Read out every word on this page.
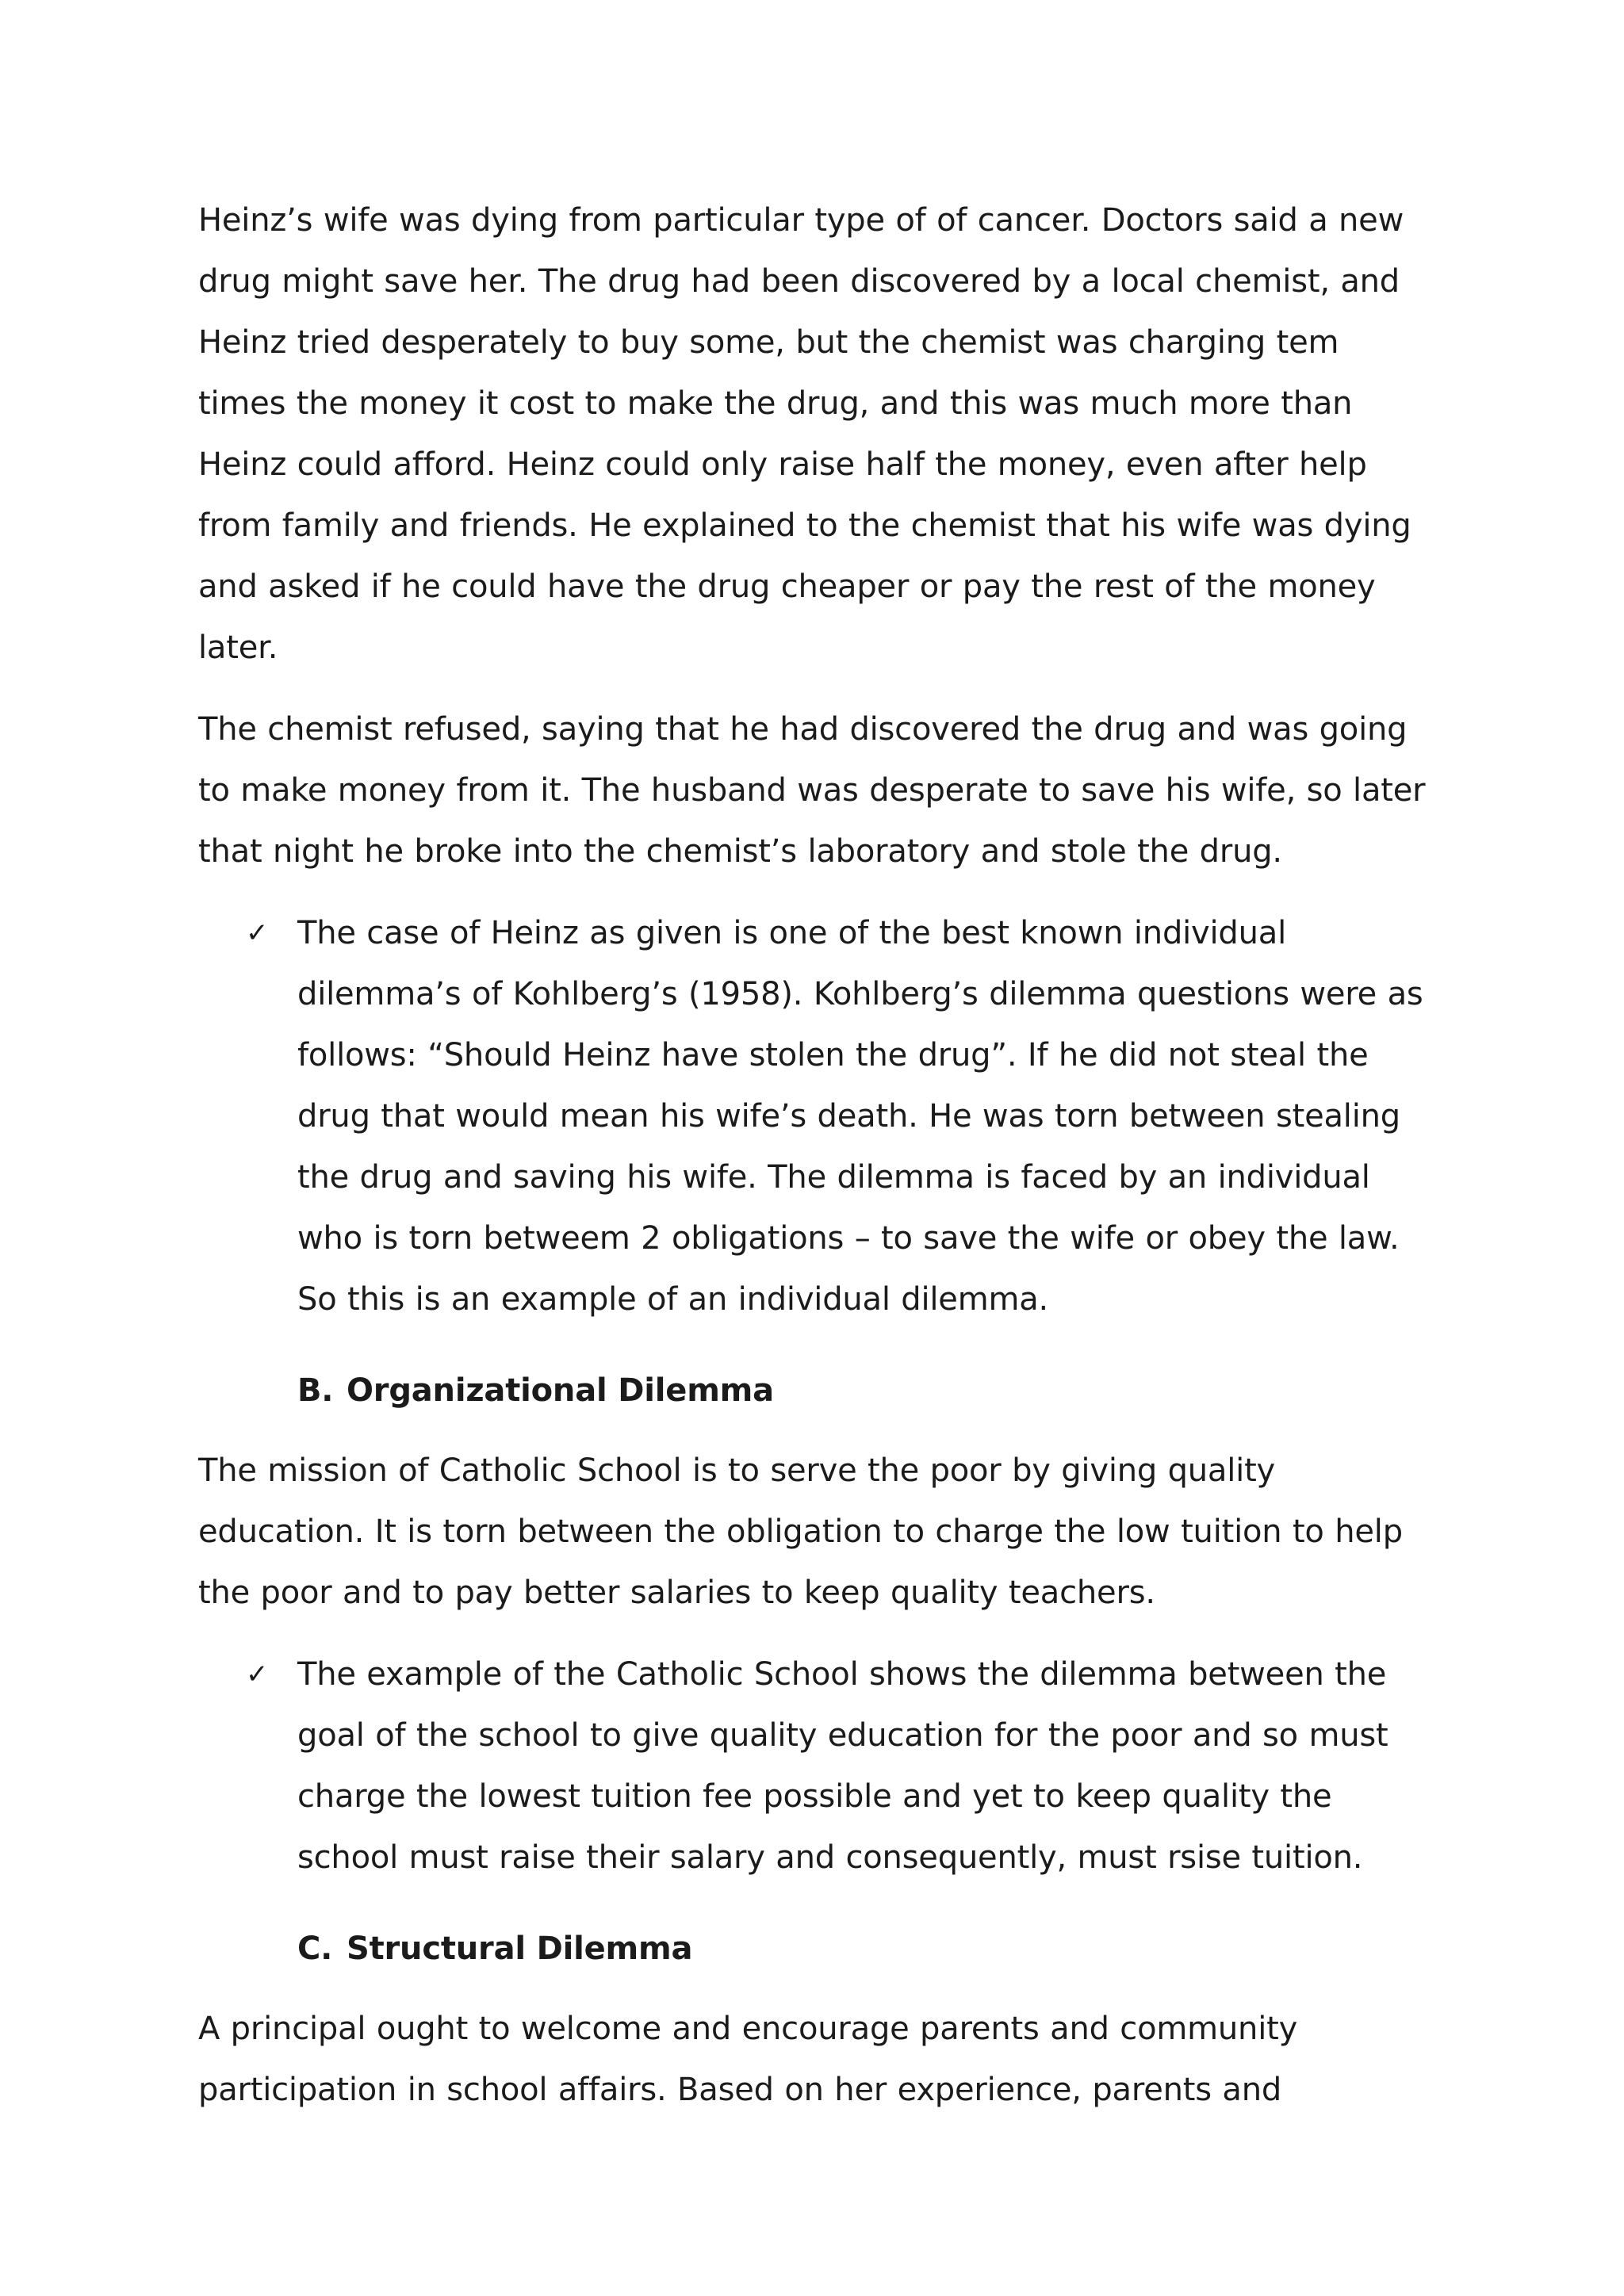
Heinz’s wife was dying from particular type of of cancer. Doctors said a new drug might save her. The drug had been discovered by a local chemist, and Heinz tried desperately to buy some, but the chemist was charging tem times the money it cost to make the drug, and this was much more than Heinz could afford. Heinz could only raise half the money, even after help from family and friends. He explained to the chemist that his wife was dying and asked if he could have the drug cheaper or pay the rest of the money later.

The chemist refused, saying that he had discovered the drug and was going to make money from it. The husband was desperate to save his wife, so later that night he broke into the chemist’s laboratory and stole the drug.

✓ The case of Heinz as given is one of the best known individual dilemma’s of Kohlberg’s (1958). Kohlberg’s dilemma questions were as follows: “Should Heinz have stolen the drug”. If he did not steal the drug that would mean his wife’s death. He was torn between stealing the drug and saving his wife. The dilemma is faced by an individual who is torn betweem 2 obligations – to save the wife or obey the law. So this is an example of an individual dilemma.
B. Organizational Dilemma

The mission of Catholic School is to serve the poor by giving quality education. It is torn between the obligation to charge the low tuition to help the poor and to pay better salaries to keep quality teachers.

✓ The example of the Catholic School shows the dilemma between the goal of the school to give quality education for the poor and so must charge the lowest tuition fee possible and yet to keep quality the school must raise their salary and consequently, must rsise tuition.
C. Structural Dilemma

A principal ought to welcome and encourage parents and community participation in school affairs. Based on her experience, parents and
